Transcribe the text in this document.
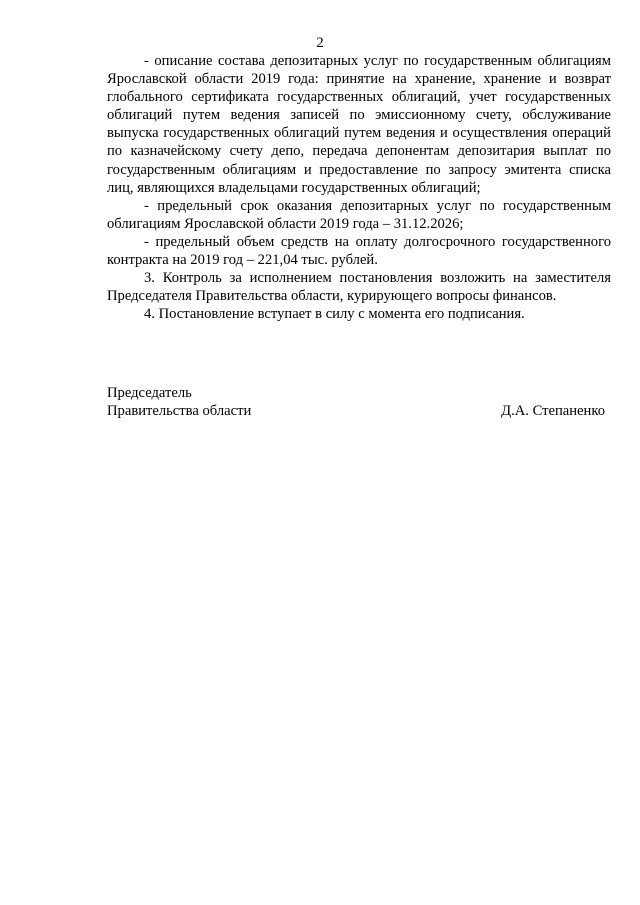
2

- описание состава депозитарных услуг по государственным облигациям Ярославской области 2019 года: принятие на хранение, хранение и возврат глобального сертификата государственных облигаций, учет государственных облигаций путем ведения записей по эмиссионному счету, обслуживание выпуска государственных облигаций путем ведения и осуществления операций по казначейскому счету депо, передача депонентам депозитария выплат по государственным облигациям и предоставление по запросу эмитента списка лиц, являющихся владельцами государственных облигаций;

- предельный срок оказания депозитарных услуг по государственным облигациям Ярославской области 2019 года – 31.12.2026;

- предельный объем средств на оплату долгосрочного государственного контракта на 2019 год – 221,04 тыс. рублей.

3. Контроль за исполнением постановления возложить на заместителя Председателя Правительства области, курирующего вопросы финансов.

4. Постановление вступает в силу с момента его подписания.

Председатель
Правительства области	Д.А. Степаненко
